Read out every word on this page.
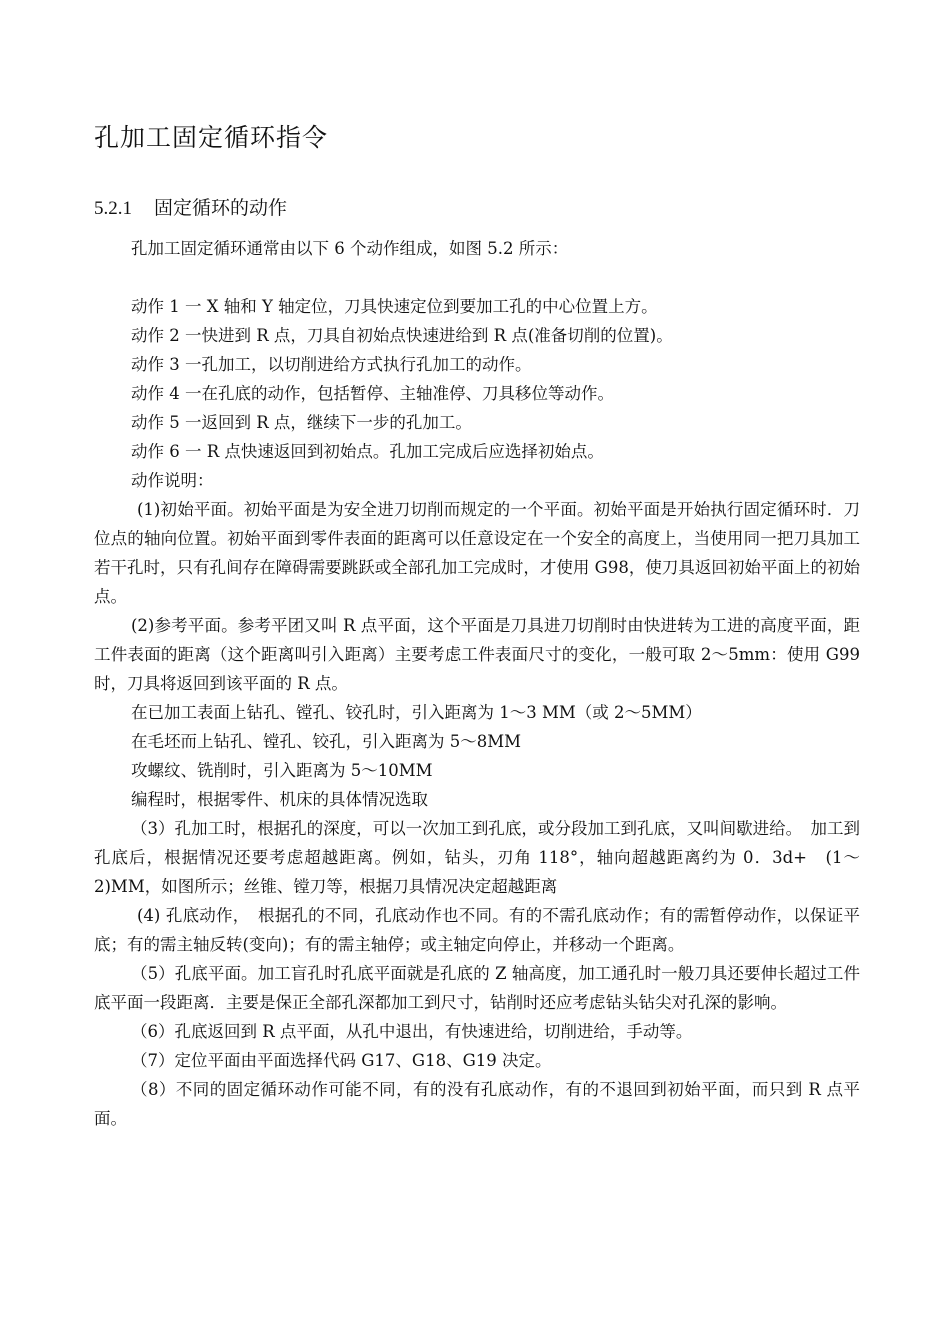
孔加工固定循环指令
5.2.1 固定循环的动作

孔加工固定循环通常由以下 6 个动作组成，如图 5.2 所示：

动作 1 一 X 轴和 Y 轴定位，刀具快速定位到要加工孔的中心位置上方。

动作 2 一快进到 R 点，刀具自初始点快速进给到 R 点(准备切削的位置)。

动作 3 一孔加工，以切削进给方式执行孔加工的动作。

动作 4 一在孔底的动作，包括暂停、主轴准停、刀具移位等动作。

动作 5 一返回到 R 点，继续下一步的孔加工。

动作 6 一 R 点快速返回到初始点。孔加工完成后应选择初始点。

动作说明：

(1)初始平面。初始平面是为安全进刀切削而规定的一个平面。初始平面是开始执行固定循环时．刀位点的轴向位置。初始平面到零件表面的距离可以任意设定在一个安全的高度上，当使用同一把刀具加工若干孔时，只有孔间存在障碍需要跳跃或全部孔加工完成时，才使用 G98，使刀具返回初始平面上的初始点。

(2)参考平面。参考平团又叫 R 点平面，这个平面是刀具进刀切削时由快进转为工进的高度平面，距工件表面的距离（这个距离叫引入距离）主要考虑工件表面尺寸的变化，一般可取 2～5mm：使用 G99 时，刀具将返回到该平面的 R 点。

在已加工表面上钻孔、镗孔、铰孔时，引入距离为 1～3 MM（或 2～5MM）

在毛坯而上钻孔、镗孔、铰孔，引入距离为 5～8MM

攻螺纹、铣削时，引入距离为 5～10MM

编程时，根据零件、机床的具体情况选取

（3）孔加工时，根据孔的深度，可以一次加工到孔底，或分段加工到孔底，又叫间歇进给。　加工到孔底后，根据情况还要考虑超越距离。例如，钻头，刃角 118°，轴向超越距离约为 0．3d+　(1～2)MM，如图所示；丝锥、镗刀等，根据刀具情况决定超越距离

(4) 孔底动作，　根据孔的不同，孔底动作也不同。有的不需孔底动作；有的需暂停动作，以保证平底；有的需主轴反转(变向)；有的需主轴停；或主轴定向停止，并移动一个距离。

（5）孔底平面。加工盲孔时孔底平面就是孔底的 Z 轴高度，加工通孔时一般刀具还要伸长超过工件底平面一段距离．主要是保正全部孔深都加工到尺寸，钻削时还应考虑钻头钻尖对孔深的影响。

（6）孔底返回到 R 点平面，从孔中退出，有快速进给，切削进给，手动等。

（7）定位平面由平面选择代码 G17、G18、G19 决定。

（8）不同的固定循环动作可能不同，有的没有孔底动作，有的不退回到初始平面，而只到 R 点平面。
